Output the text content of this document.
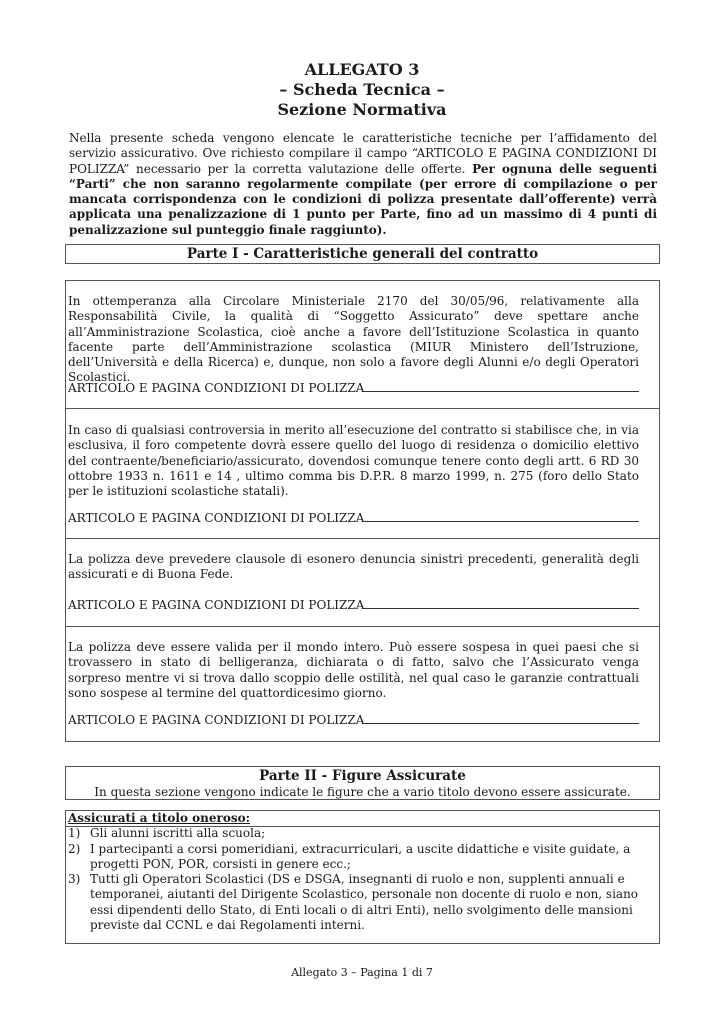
ALLEGATO 3
– Scheda Tecnica –
Sezione Normativa
Nella presente scheda vengono elencate le caratteristiche tecniche per l’affidamento del servizio assicurativo. Ove richiesto compilare il campo “ARTICOLO E PAGINA CONDIZIONI DI POLIZZA” necessario per la corretta valutazione delle offerte. Per ognuna delle seguenti “Parti” che non saranno regolarmente compilate (per errore di compilazione o per mancata corrispondenza con le condizioni di polizza presentate dall’offerente) verrà applicata una penalizzazione di 1 punto per Parte, fino ad un massimo di 4 punti di penalizzazione sul punteggio finale raggiunto).
Parte I - Caratteristiche generali del contratto
In ottemperanza alla Circolare Ministeriale 2170 del 30/05/96, relativamente alla Responsabilità Civile, la qualità di “Soggetto Assicurato” deve spettare anche all’Amministrazione Scolastica, cioè anche a favore dell’Istituzione Scolastica in quanto facente parte dell’Amministrazione scolastica (MIUR Ministero dell’Istruzione, dell’Università e della Ricerca) e, dunque, non solo a favore degli Alunni e/o degli Operatori Scolastici.
ARTICOLO E PAGINA CONDIZIONI DI POLIZZA
In caso di qualsiasi controversia in merito all’esecuzione del contratto si stabilisce che, in via esclusiva, il foro competente dovrà essere quello del luogo di residenza o domicilio elettivo del contraente/beneficiario/assicurato, dovendosi comunque tenere conto degli artt. 6 RD 30 ottobre 1933 n. 1611 e 14 , ultimo comma bis D.P.R. 8 marzo 1999, n. 275 (foro dello Stato per le istituzioni scolastiche statali).
ARTICOLO E PAGINA CONDIZIONI DI POLIZZA
La polizza deve prevedere clausole di esonero denuncia sinistri precedenti, generalità degli assicurati e di Buona Fede.
ARTICOLO E PAGINA CONDIZIONI DI POLIZZA
La polizza deve essere valida per il mondo intero. Può essere sospesa in quei paesi che si trovassero in stato di belligeranza, dichiarata o di fatto, salvo che l’Assicurato venga sorpreso mentre vi si trova dallo scoppio delle ostilità, nel qual caso le garanzie contrattuali sono sospese al termine del quattordicesimo giorno.
ARTICOLO E PAGINA CONDIZIONI DI POLIZZA
Parte II - Figure Assicurate
In questa sezione vengono indicate le figure che a vario titolo devono essere assicurate.
Assicurati a titolo oneroso:
1) Gli alunni iscritti alla scuola;
2) I partecipanti a corsi pomeridiani, extracurriculari, a uscite didattiche e visite guidate, a progetti PON, POR, corsisti in genere ecc.;
3) Tutti gli Operatori Scolastici (DS e DSGA, insegnanti di ruolo e non, supplenti annuali e temporanei, aiutanti del Dirigente Scolastico, personale non docente di ruolo e non, siano essi dipendenti dello Stato, di Enti locali o di altri Enti), nello svolgimento delle mansioni previste dal CCNL e dai Regolamenti interni.
Allegato 3 – Pagina 1 di 7
